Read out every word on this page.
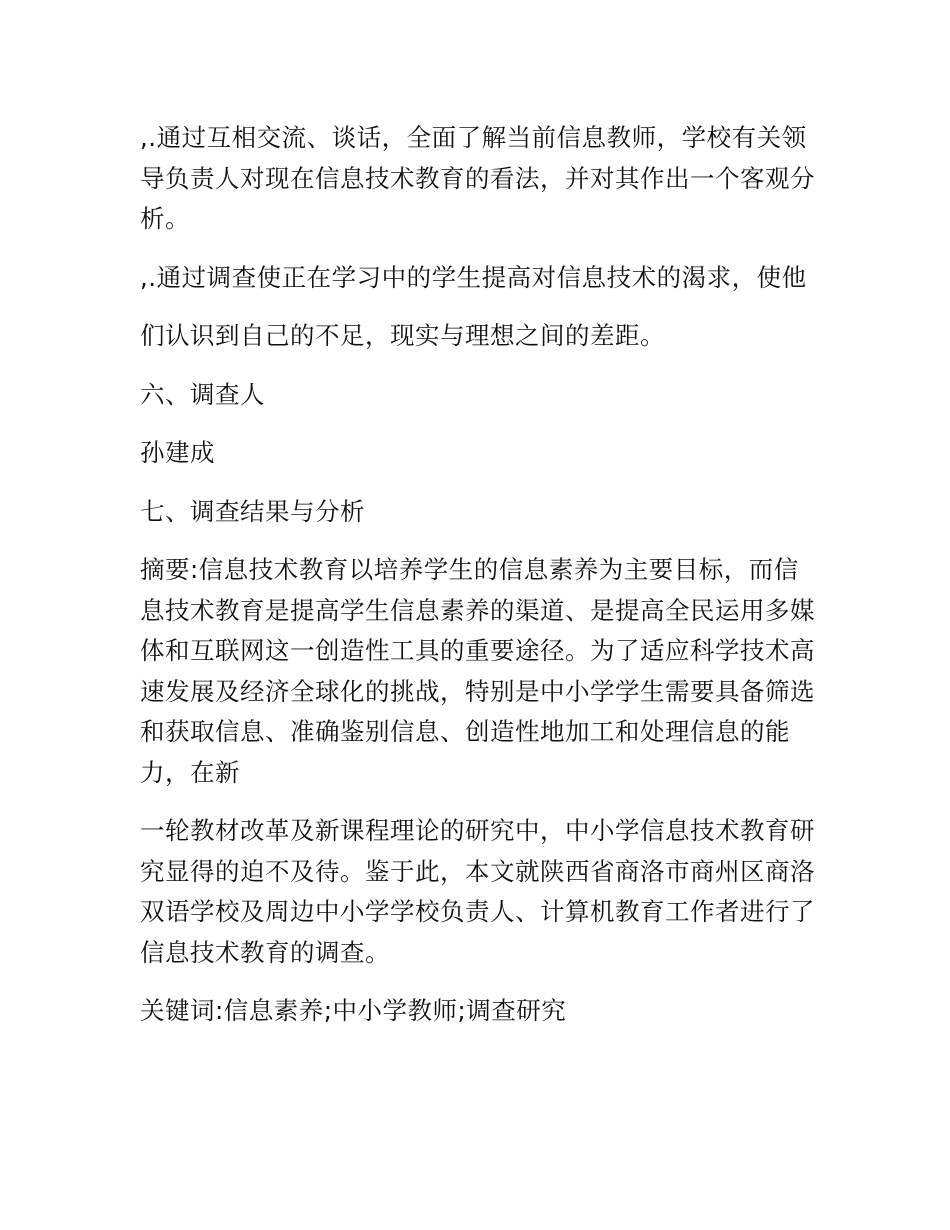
,.通过互相交流、谈话，全面了解当前信息教师，学校有关领导负责人对现在信息技术教育的看法，并对其作出一个客观分析。

,.通过调查使正在学习中的学生提高对信息技术的渴求，使他

们认识到自己的不足，现实与理想之间的差距。

六、调查人

孙建成

七、调查结果与分析

摘要:信息技术教育以培养学生的信息素养为主要目标，而信息技术教育是提高学生信息素养的渠道、是提高全民运用多媒体和互联网这一创造性工具的重要途径。为了适应科学技术高速发展及经济全球化的挑战，特别是中小学学生需要具备筛选和获取信息、准确鉴别信息、创造性地加工和处理信息的能力，在新

一轮教材改革及新课程理论的研究中，中小学信息技术教育研究显得的迫不及待。鉴于此，本文就陕西省商洛市商州区商洛双语学校及周边中小学学校负责人、计算机教育工作者进行了信息技术教育的调查。

关键词:信息素养;中小学教师;调查研究
